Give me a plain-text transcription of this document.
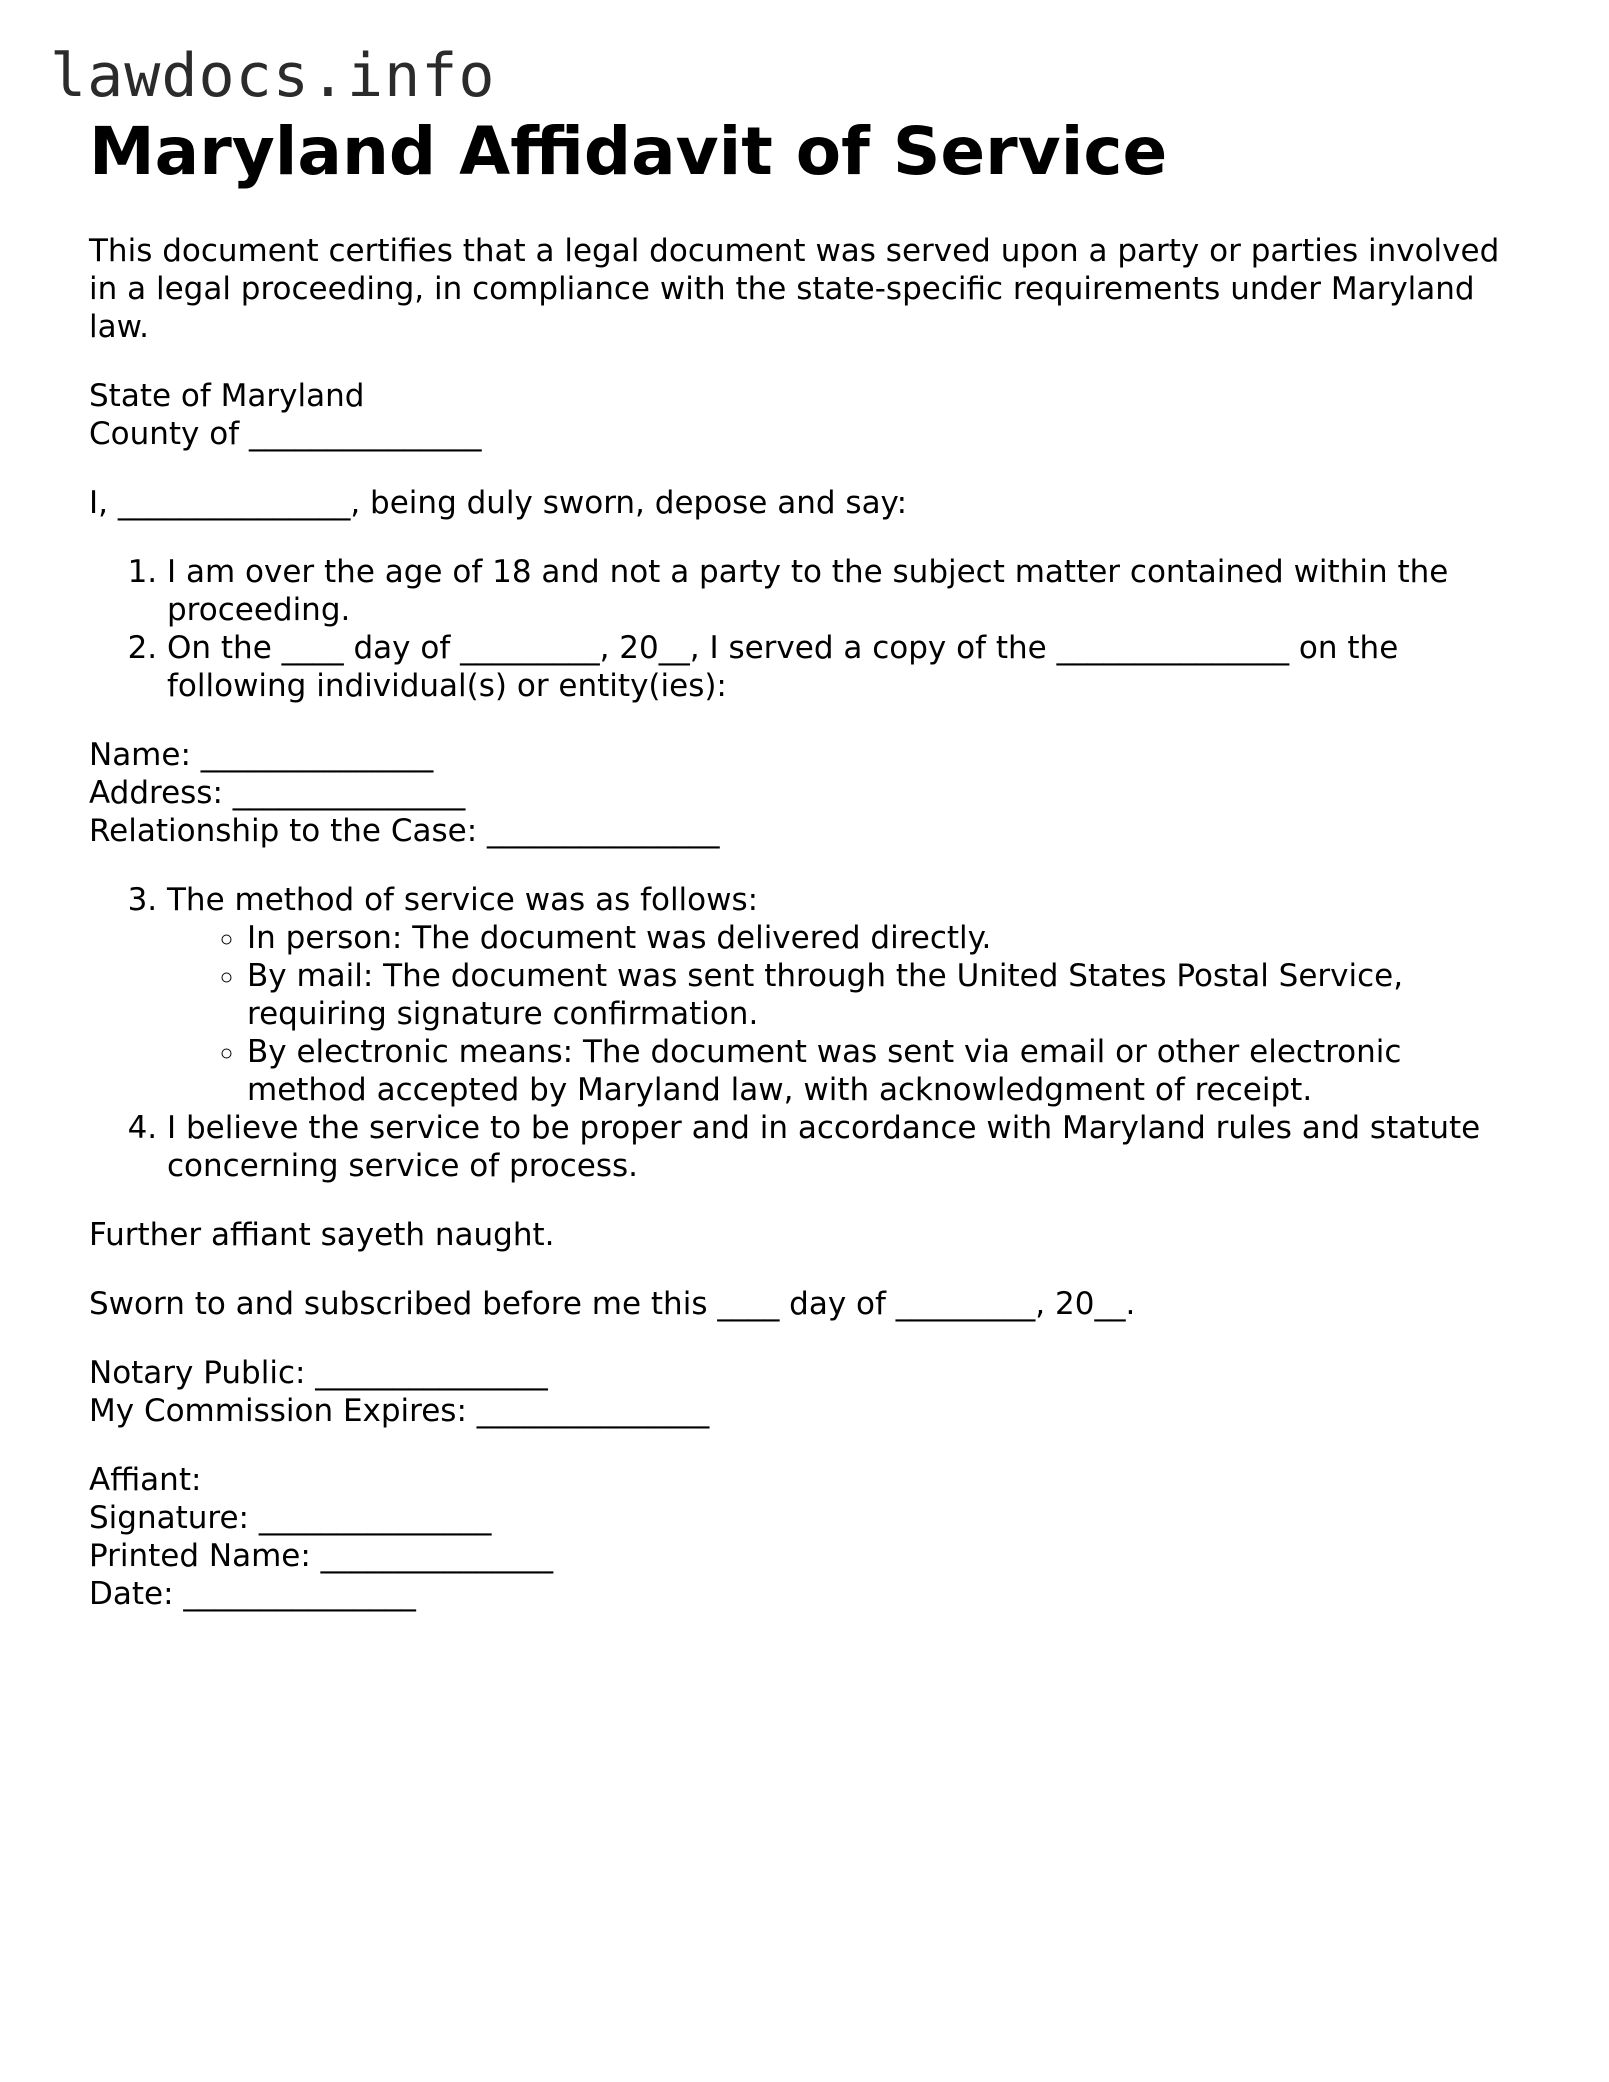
lawdocs.info
Maryland Affidavit of Service

This document certifies that a legal document was served upon a party or parties involved in a legal proceeding, in compliance with the state-specific requirements under Maryland law.

State of Maryland
County of _______________

I, _______________, being duly sworn, depose and say:

1. I am over the age of 18 and not a party to the subject matter contained within the proceeding.
2. On the ____ day of _________, 20__, I served a copy of the _______________ on the following individual(s) or entity(ies):

Name: _______________
Address: _______________
Relationship to the Case: _______________

3. The method of service was as follows:
◦ In person: The document was delivered directly.
◦ By mail: The document was sent through the United States Postal Service, requiring signature confirmation.
◦ By electronic means: The document was sent via email or other electronic method accepted by Maryland law, with acknowledgment of receipt.
4. I believe the service to be proper and in accordance with Maryland rules and statute concerning service of process.

Further affiant sayeth naught.

Sworn to and subscribed before me this ____ day of _________, 20__.

Notary Public: _______________
My Commission Expires: _______________

Affiant:
Signature: _______________
Printed Name: _______________
Date: _______________
